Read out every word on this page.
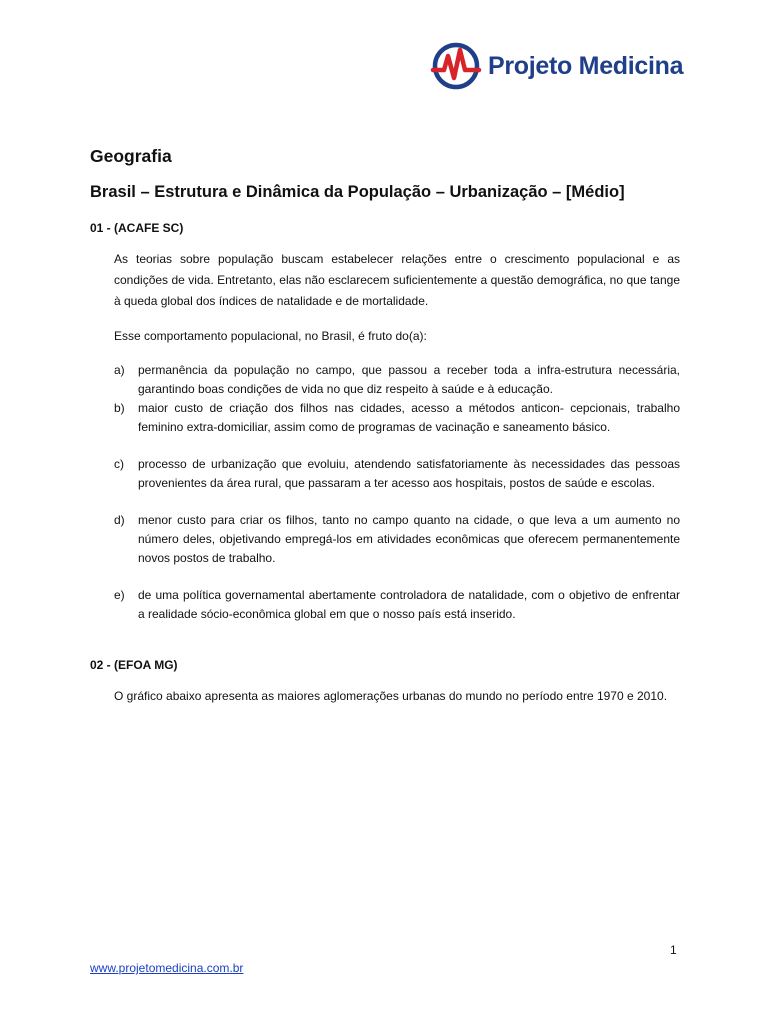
Projeto Medicina
Geografia
Brasil – Estrutura e Dinâmica da População – Urbanização – [Médio]
01 - (ACAFE SC)

As teorias sobre população buscam estabelecer relações entre o crescimento populacional e as condições de vida. Entretanto, elas não esclarecem suficientemente a questão demográfica, no que tange à queda global dos índices de natalidade e de mortalidade.

Esse comportamento populacional, no Brasil, é fruto do(a):

a)	permanência da população no campo, que passou a receber toda a infra-estrutura necessária, garantindo boas condições de vida no que diz respeito à saúde e à educação.
b)	maior custo de criação dos filhos nas cidades, acesso a métodos anticon- cepcionais, trabalho feminino extra-domiciliar, assim como de programas de vacinação e saneamento básico.
c)	processo de urbanização que evoluiu, atendendo satisfatoriamente às necessidades das pessoas provenientes da área rural, que passaram a ter acesso aos hospitais, postos de saúde e escolas.
d)	menor custo para criar os filhos, tanto no campo quanto na cidade, o que leva a um aumento no número deles, objetivando empregá-los em atividades econômicas que oferecem permanentemente novos postos de trabalho.
e)	de uma política governamental abertamente controladora de natalidade, com o objetivo de enfrentar a realidade sócio-econômica global em que o nosso país está inserido.
02 - (EFOA MG)

O gráfico abaixo apresenta as maiores aglomerações urbanas do mundo no período entre 1970 e 2010.

1
www.projetomedicina.com.br
